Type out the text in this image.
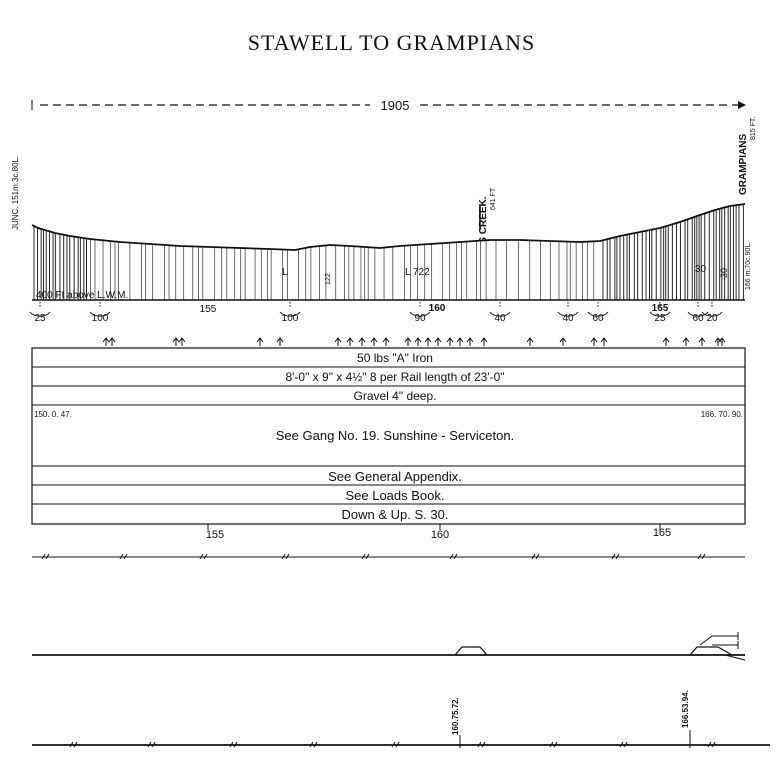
STAWELL TO GRAMPIANS
1905
JUNC. 151m.3c.80L.
FYANS CREEK. 641 FT
GRAMPIANS
815 FT.
166 m.70c.90L.
400 Ft above L.W.M.
L	L 722
122
30 30
155	160	165
25	100	100	90	40	40 60	25	60 20
50 lbs "A" Iron
8'-0" x 9" x 4½" 8 per Rail length of 23'-0"
Gravel 4" deep.
150. 0. 47.	166. 70. 90.
See Gang No. 19. Sunshine - Serviceton.
See General Appendix.
See Loads Book.
Down & Up. S. 30.
155	160	165
160.75.72.	166.53.94.
